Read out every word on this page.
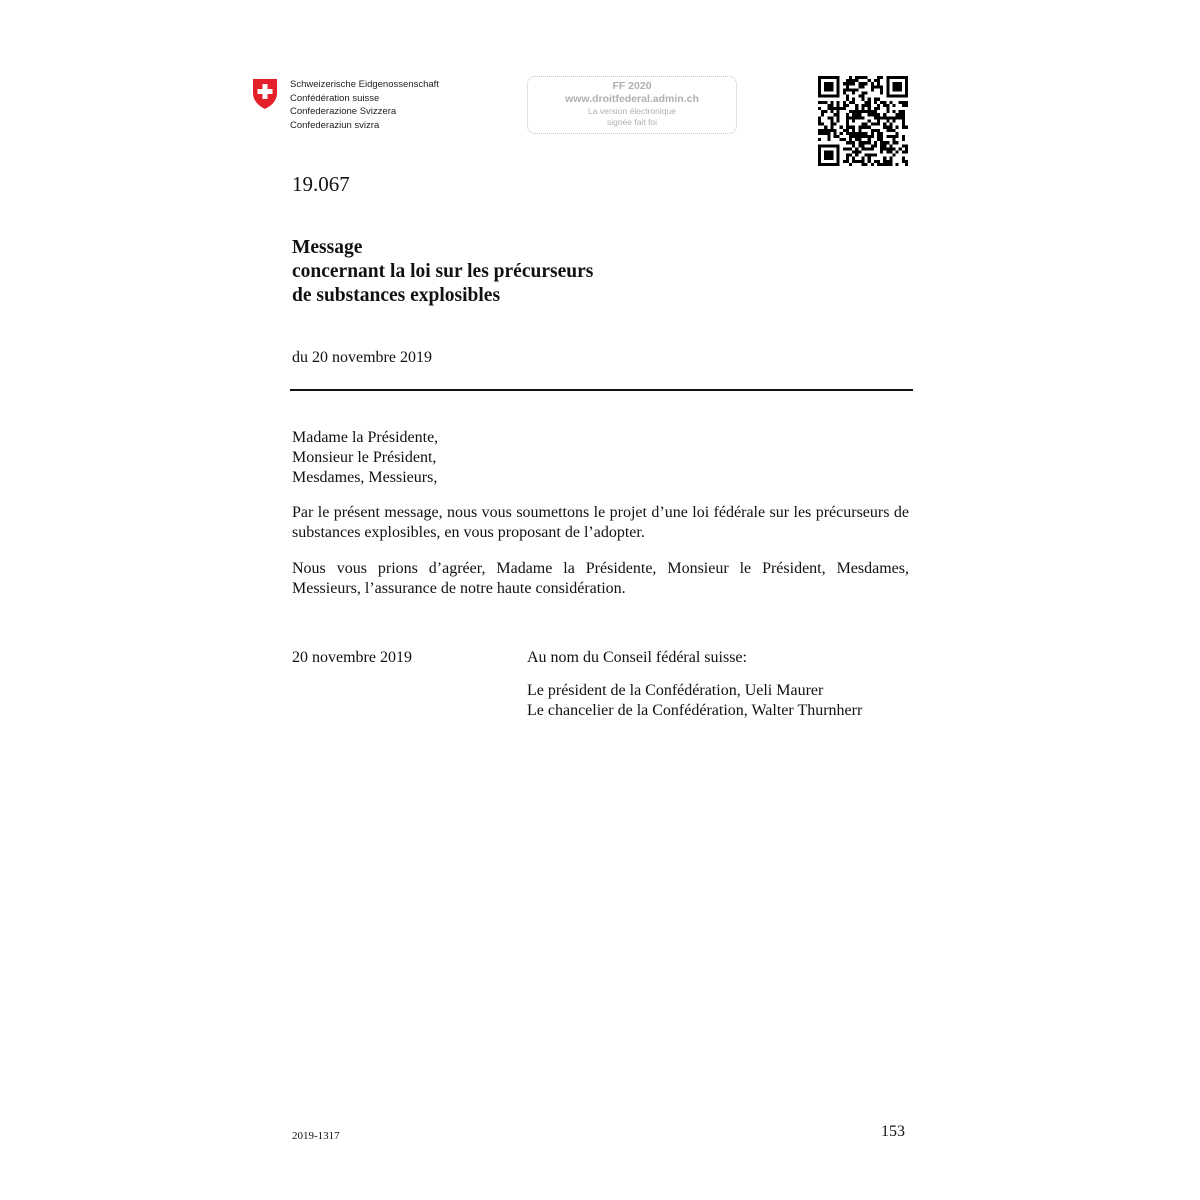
Schweizerische Eidgenossenschaft
Confédération suisse
Confederazione Svizzera
Confederaziun svizra
FF 2020
www.droitfederal.admin.ch
La version électronique
signée fait foi
19.067
Message
concernant la loi sur les précurseurs
de substances explosibles
du 20 novembre 2019
Madame la Présidente,
Monsieur le Président,
Mesdames, Messieurs,
Par le présent message, nous vous soumettons le projet d’une loi fédérale sur les précurseurs de substances explosibles, en vous proposant de l’adopter.
Nous vous prions d’agréer, Madame la Présidente, Monsieur le Président, Mesdames, Messieurs, l’assurance de notre haute considération.
20 novembre 2019	Au nom du Conseil fédéral suisse:
Le président de la Confédération, Ueli Maurer
Le chancelier de la Confédération, Walter Thurnherr
2019-1317	153
